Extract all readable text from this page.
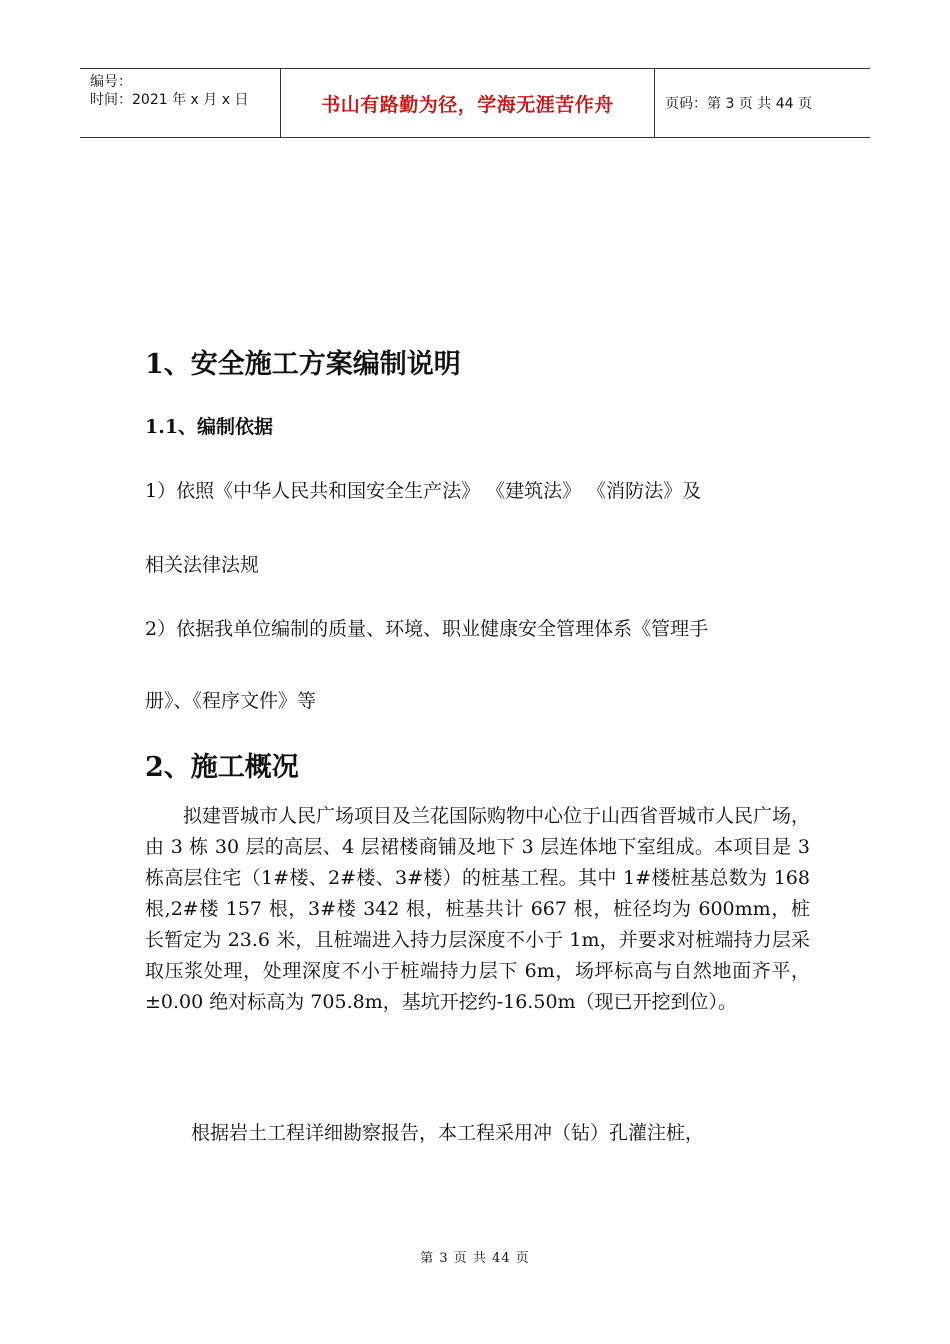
编号：
时间：2021 年 x 月 x 日	书山有路勤为径，学海无涯苦作舟	页码：第 3 页 共 44 页
1、安全施工方案编制说明
1.1、编制依据

1）依照《中华人民共和国安全生产法》 《建筑法》 《消防法》及

相关法律法规

2）依据我单位编制的质量、环境、职业健康安全管理体系《管理手

册》、《程序文件》等

2、施工概况

拟建晋城市人民广场项目及兰花国际购物中心位于山西省晋城市人民广场，由 3 栋 30 层的高层、4 层裙楼商铺及地下 3 层连体地下室组成。本项目是 3 栋高层住宅（1#楼、2#楼、3#楼）的桩基工程。其中 1#楼桩基总数为 168 根,2#楼 157 根，3#楼 342 根，桩基共计 667 根，桩径均为 600mm，桩长暂定为 23.6 米，且桩端进入持力层深度不小于 1m，并要求对桩端持力层采取压浆处理，处理深度不小于桩端持力层下 6m，场坪标高与自然地面齐平，±0.00 绝对标高为 705.8m，基坑开挖约-16.50m（现已开挖到位）。

根据岩土工程详细勘察报告，本工程采用冲（钻）孔灌注桩，

第 3 页 共 44 页
